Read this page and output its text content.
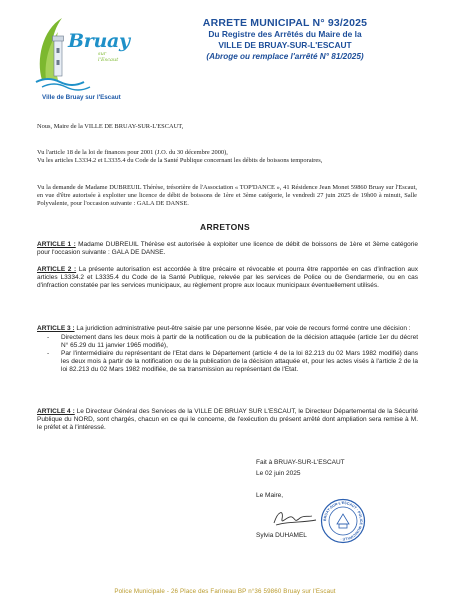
Bruay
sur l'Escaut
Ville de Bruay sur l'Escaut
ARRETE MUNICIPAL N° 93/2025
Du Registre des Arrêtés du Maire de la
VILLE DE BRUAY-SUR-L'ESCAUT
(Abroge ou remplace l'arrêté N° 81/2025)
Nous, Maire de la VILLE DE BRUAY-SUR-L'ESCAUT,
Vu l'article 18 de la loi de finances pour 2001 (J.O. du 30 décembre 2000),
Vu les articles L3334.2 et L3335.4 du Code de la Santé Publique concernant les débits de boissons temporaires,
Vu la demande de Madame DUBREUIL Thérèse, trésorière de l'Association « TOP'DANCE », 41 Résidence Jean Monet 59860 Bruay sur l'Escaut, en vue d'être autorisée à exploiter une licence de débit de boissons de 1ère et 3ème catégorie, le vendredi 27 juin 2025 de 19h00 à minuit, Salle Polyvalente, pour l'occasion suivante : GALA DE DANSE.
ARRETONS
ARTICLE 1 : Madame DUBREUIL Thérèse est autorisée à exploiter une licence de débit de boissons de 1ère et 3ème catégorie pour l'occasion suivante : GALA DE DANSE.
ARTICLE 2 : La présente autorisation est accordée à titre précaire et révocable et pourra être rapportée en cas d'infraction aux articles L3334.2 et L3335.4 du Code de la Santé Publique, relevée par les services de Police ou de Gendarmerie, ou en cas d'infraction constatée par les services municipaux, au règlement propre aux locaux municipaux éventuellement utilisés.
ARTICLE 3 : La juridiction administrative peut-être saisie par une personne lésée, par voie de recours formé contre une décision :
- Directement dans les deux mois à partir de la notification ou de la publication de la décision attaquée (article 1er du décret N° 65.29 du 11 janvier 1965 modifié),
- Par l'intermédiaire du représentant de l'Etat dans le Département (article 4 de la loi 82.213 du 02 Mars 1982 modifié) dans les deux mois à partir de la notification ou de la publication de la décision attaquée et, pour les actes visés à l'article 2 de la loi 82.213 du 02 Mars 1982 modifiée, de sa transmission au représentant de l'Etat.
ARTICLE 4 : Le Directeur Général des Services de la VILLE DE BRUAY SUR L'ESCAUT, le Directeur Départemental de la Sécurité Publique du NORD, sont chargés, chacun en ce qui le concerne, de l'exécution du présent arrêté dont ampliation sera remise à M. le préfet et à l'intéressé.
Fait à BRUAY-SUR-L'ESCAUT
Le 02 juin 2025
Le Maire,
BRUAY-SUR-L'ESCAUT · POLICE MUNICIPALE ·
Sylvia DUHAMEL
Police Municipale - 26 Place des Farineau BP n°36 59860 Bruay sur l'Escaut
